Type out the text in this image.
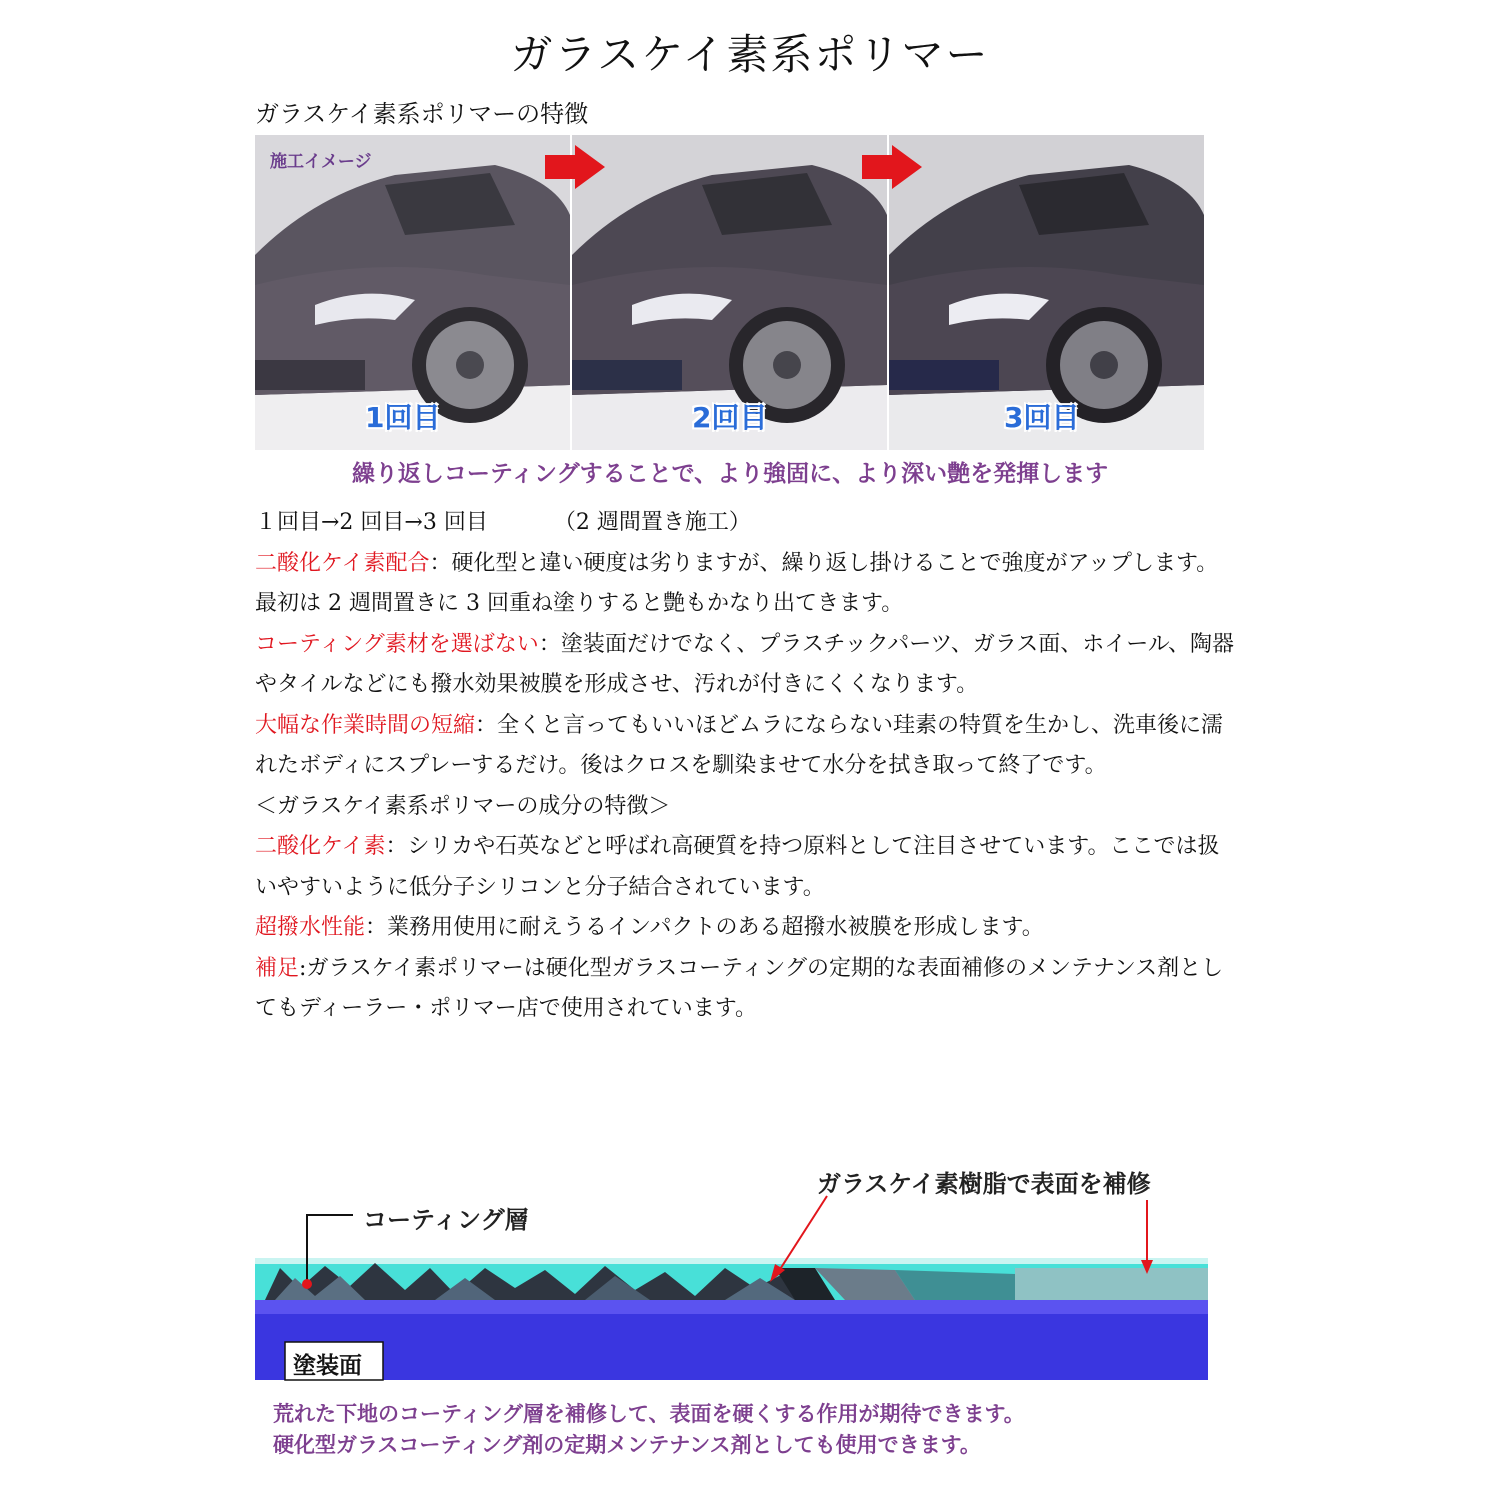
ガラスケイ素系ポリマー
ガラスケイ素系ポリマーの特徴
施工イメージ
1回目	2回目	3回目
繰り返しコーティングすることで、より強固に、より深い艶を発揮します

１回目→2 回目→3 回目	（2 週間置き施工）

二酸化ケイ素配合：硬化型と違い硬度は劣りますが、繰り返し掛けることで強度がアップします。

最初は 2 週間置きに 3 回重ね塗りすると艶もかなり出てきます。

コーティング素材を選ばない：塗装面だけでなく、プラスチックパーツ、ガラス面、ホイール、陶器やタイルなどにも撥水効果被膜を形成させ、汚れが付きにくくなります。

大幅な作業時間の短縮：全くと言ってもいいほどムラにならない珪素の特質を生かし、洗車後に濡れたボディにスプレーするだけ。後はクロスを馴染ませて水分を拭き取って終了です。

＜ガラスケイ素系ポリマーの成分の特徴＞

二酸化ケイ素：シリカや石英などと呼ばれ高硬質を持つ原料として注目させています。ここでは扱いやすいように低分子シリコンと分子結合されています。

超撥水性能：業務用使用に耐えうるインパクトのある超撥水被膜を形成します。

補足:ガラスケイ素ポリマーは硬化型ガラスコーティングの定期的な表面補修のメンテナンス剤としてもディーラー・ポリマー店で使用されています。

コーティング層
ガラスケイ素樹脂で表面を補修
塗装面
荒れた下地のコーティング層を補修して、表面を硬くする作用が期待できます。
硬化型ガラスコーティング剤の定期メンテナンス剤としても使用できます。
